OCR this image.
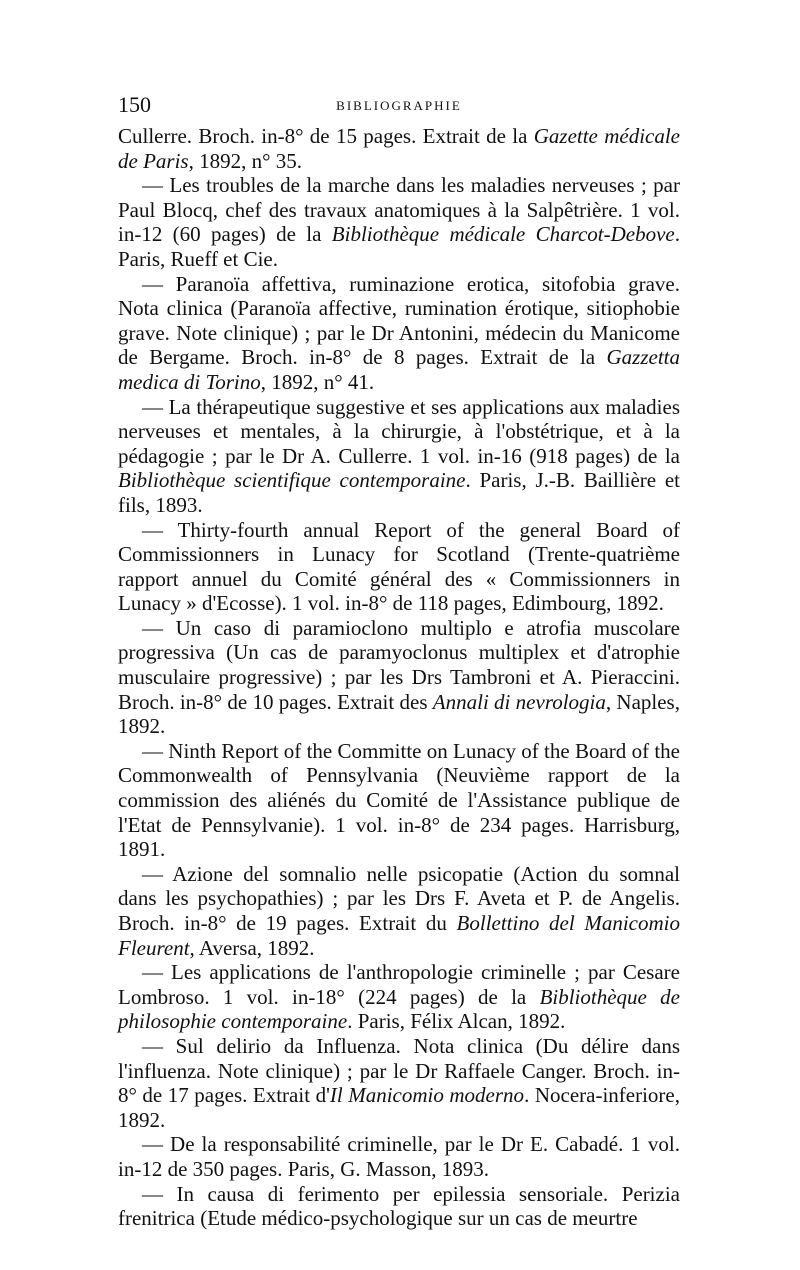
150	BIBLIOGRAPHIE

Cullerre. Broch. in-8° de 15 pages. Extrait de la Gazette médicale de Paris, 1892, n° 35.

— Les troubles de la marche dans les maladies nerveuses ; par Paul Blocq, chef des travaux anatomiques à la Salpêtrière. 1 vol. in-12 (60 pages) de la Bibliothèque médicale Charcot-Debove. Paris, Rueff et Cie.

— Paranoïa affettiva, ruminazione erotica, sitofobia grave. Nota clinica (Paranoïa affective, rumination érotique, sitiophobie grave. Note clinique) ; par le Dr Antonini, médecin du Manicome de Bergame. Broch. in-8° de 8 pages. Extrait de la Gazzetta medica di Torino, 1892, n° 41.

— La thérapeutique suggestive et ses applications aux maladies nerveuses et mentales, à la chirurgie, à l'obstétrique, et à la pédagogie ; par le Dr A. Cullerre. 1 vol. in-16 (918 pages) de la Bibliothèque scientifique contemporaine. Paris, J.-B. Baillière et fils, 1893.

— Thirty-fourth annual Report of the general Board of Commissionners in Lunacy for Scotland (Trente-quatrième rapport annuel du Comité général des « Commissionners in Lunacy » d'Ecosse). 1 vol. in-8° de 118 pages, Edimbourg, 1892.

— Un caso di paramioclono multiplo e atrofia muscolare progressiva (Un cas de paramyoclonus multiplex et d'atrophie musculaire progressive) ; par les Drs Tambroni et A. Pieraccini. Broch. in-8° de 10 pages. Extrait des Annali di nevrologia, Naples, 1892.

— Ninth Report of the Committe on Lunacy of the Board of the Commonwealth of Pennsylvania (Neuvième rapport de la commission des aliénés du Comité de l'Assistance publique de l'Etat de Pennsylvanie). 1 vol. in-8° de 234 pages. Harrisburg, 1891.

— Azione del somnalio nelle psicopatie (Action du somnal dans les psychopathies) ; par les Drs F. Aveta et P. de Angelis. Broch. in-8° de 19 pages. Extrait du Bollettino del Manicomio Fleurent, Aversa, 1892.

— Les applications de l'anthropologie criminelle ; par Cesare Lombroso. 1 vol. in-18° (224 pages) de la Bibliothèque de philosophie contemporaine. Paris, Félix Alcan, 1892.

— Sul delirio da Influenza. Nota clinica (Du délire dans l'influenza. Note clinique) ; par le Dr Raffaele Canger. Broch. in-8° de 17 pages. Extrait d'Il Manicomio moderno. Nocera-inferiore, 1892.

— De la responsabilité criminelle, par le Dr E. Cabadé. 1 vol. in-12 de 350 pages. Paris, G. Masson, 1893.

— In causa di ferimento per epilessia sensoriale. Perizia frenitrica (Etude médico-psychologique sur un cas de meurtre
